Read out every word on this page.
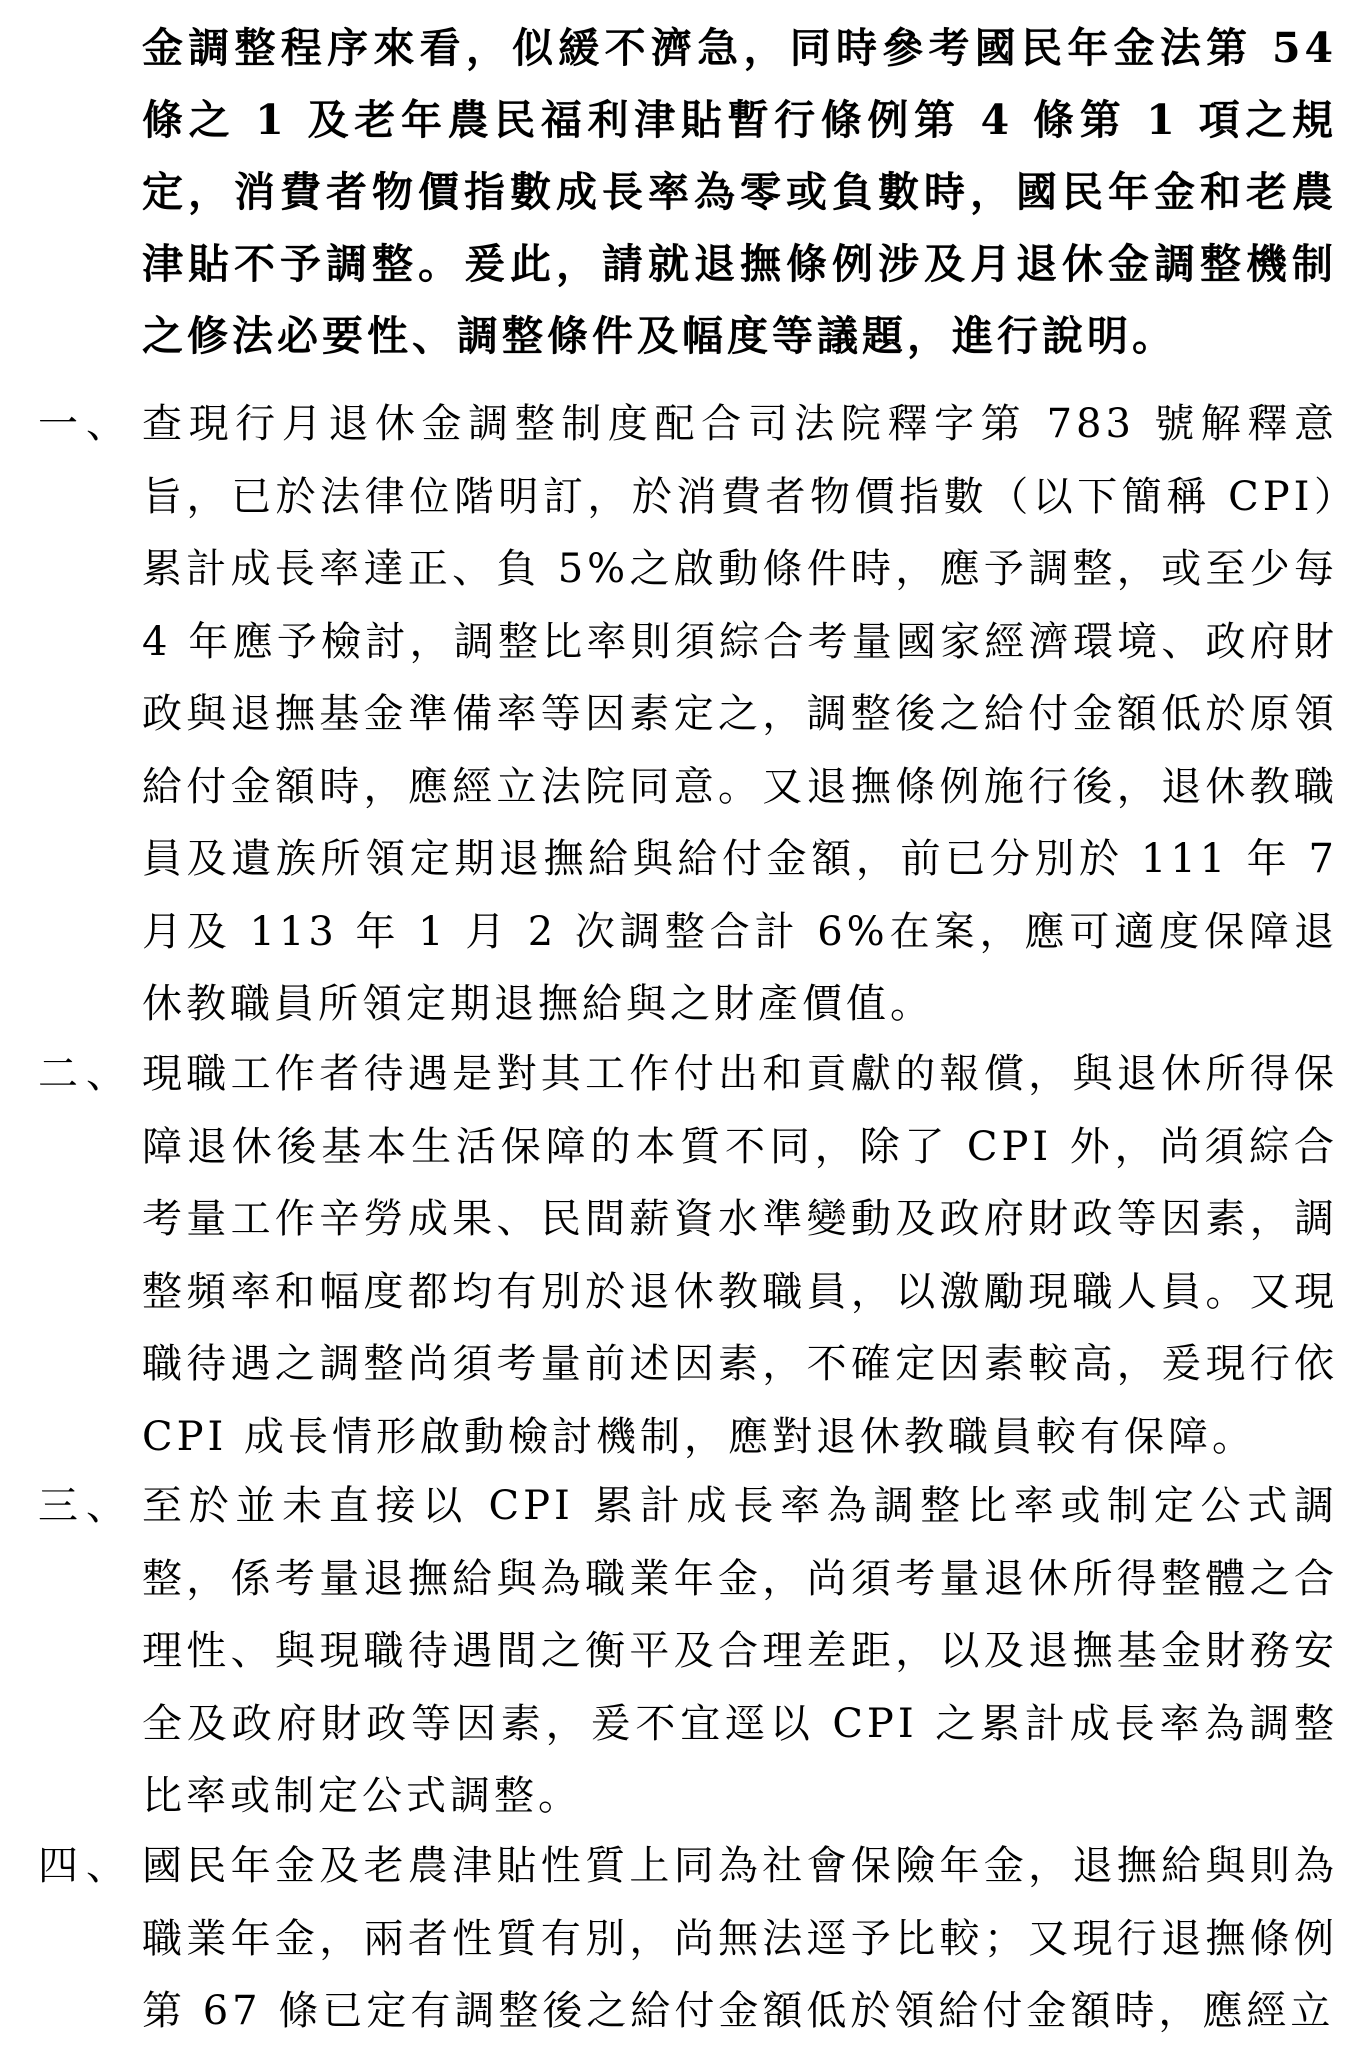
金調整程序來看，似緩不濟急，同時參考國民年金法第 54 條之 1 及老年農民福利津貼暫行條例第 4 條第 1 項之規定，消費者物價指數成長率為零或負數時，國民年金和老農津貼不予調整。爰此，請就退撫條例涉及月退休金調整機制之修法必要性、調整條件及幅度等議題，進行說明。

一、 查現行月退休金調整制度配合司法院釋字第 783 號解釋意旨，已於法律位階明訂，於消費者物價指數（以下簡稱 CPI）累計成長率達正、負 5%之啟動條件時，應予調整，或至少每 4 年應予檢討，調整比率則須綜合考量國家經濟環境、政府財政與退撫基金準備率等因素定之，調整後之給付金額低於原領給付金額時，應經立法院同意。又退撫條例施行後，退休教職員及遺族所領定期退撫給與給付金額，前已分別於 111 年 7 月及 113 年 1 月 2 次調整合計 6%在案，應可適度保障退休教職員所領定期退撫給與之財產價值。

二、 現職工作者待遇是對其工作付出和貢獻的報償，與退休所得保障退休後基本生活保障的本質不同，除了 CPI 外，尚須綜合考量工作辛勞成果、民間薪資水準變動及政府財政等因素，調整頻率和幅度都均有別於退休教職員，以激勵現職人員。又現職待遇之調整尚須考量前述因素，不確定因素較高，爰現行依 CPI 成長情形啟動檢討機制，應對退休教職員較有保障。

三、 至於並未直接以 CPI 累計成長率為調整比率或制定公式調整，係考量退撫給與為職業年金，尚須考量退休所得整體之合理性、與現職待遇間之衡平及合理差距，以及退撫基金財務安全及政府財政等因素，爰不宜逕以 CPI 之累計成長率為調整比率或制定公式調整。

四、 國民年金及老農津貼性質上同為社會保險年金，退撫給與則為職業年金，兩者性質有別，尚無法逕予比較；又現行退撫條例第 67 條已定有調整後之給付金額低於領給付金額時，應經立
